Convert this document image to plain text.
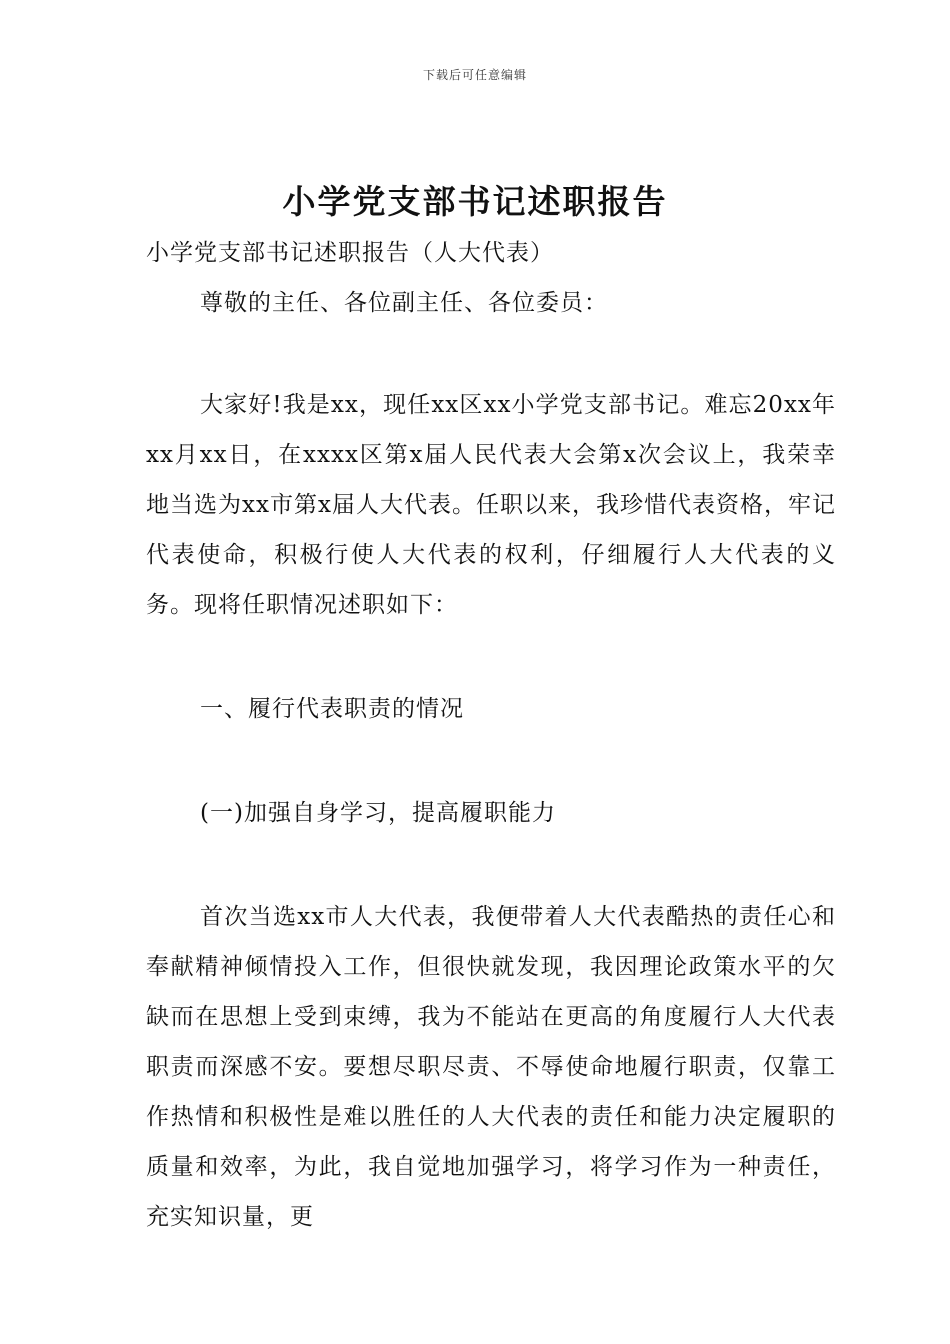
下载后可任意编辑
小学党支部书记述职报告

小学党支部书记述职报告（人大代表）

尊敬的主任、各位副主任、各位委员：

大家好!我是xx，现任xx区xx小学党支部书记。难忘20xx年xx月xx日，在xxxx区第x届人民代表大会第x次会议上，我荣幸地当选为xx市第x届人大代表。任职以来，我珍惜代表资格，牢记代表使命，积极行使人大代表的权利，仔细履行人大代表的义务。现将任职情况述职如下：

一、履行代表职责的情况

(一)加强自身学习，提高履职能力

首次当选xx市人大代表，我便带着人大代表酷热的责任心和奉献精神倾情投入工作，但很快就发现，我因理论政策水平的欠缺而在思想上受到束缚，我为不能站在更高的角度履行人大代表职责而深感不安。要想尽职尽责、不辱使命地履行职责，仅靠工作热情和积极性是难以胜任的人大代表的责任和能力决定履职的质量和效率，为此，我自觉地加强学习，将学习作为一种责任，充实知识量，更
